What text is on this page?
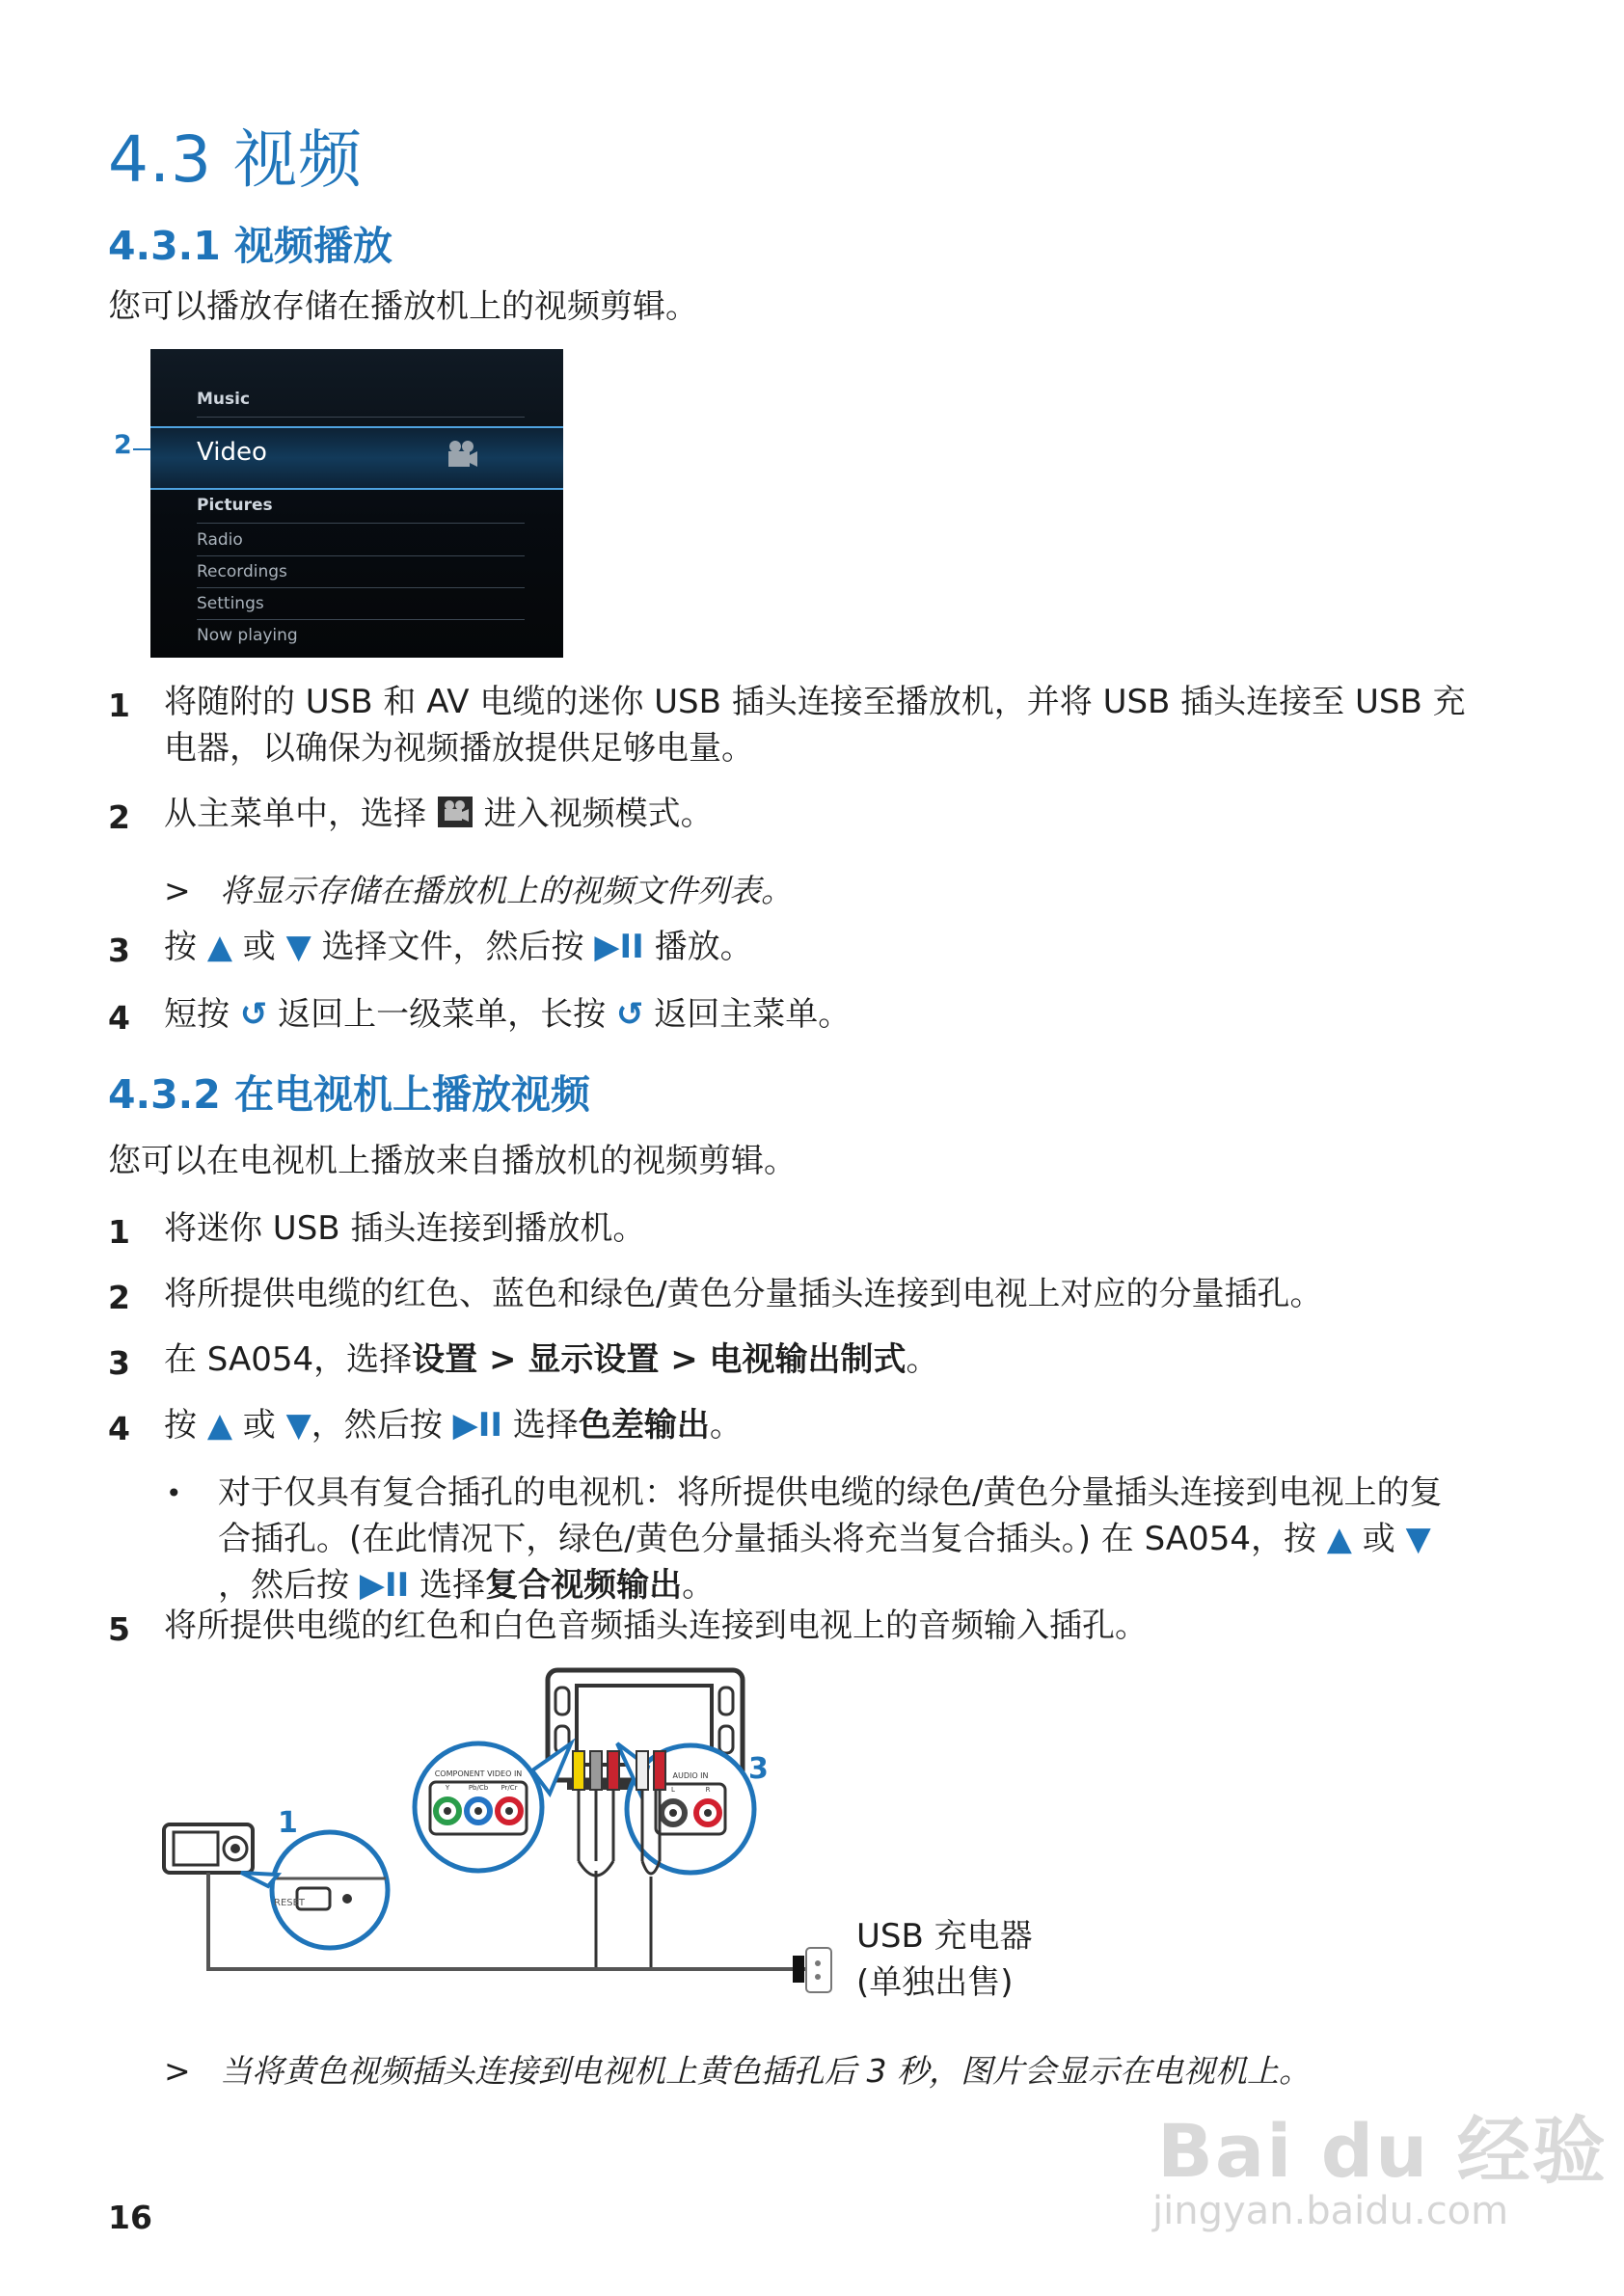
4.3 视频
4.3.1 视频播放
您可以播放存储在播放机上的视频剪辑。
2
Music
Video
Pictures
Radio
Recordings
Settings
Now playing
1 将随附的 USB 和 AV 电缆的迷你 USB 插头连接至播放机，并将 USB 插头连接至 USB 充
电器，以确保为视频播放提供足够电量。
2 从主菜单中，选择 进入视频模式。
> 将显示存储在播放机上的视频文件列表。
3 按 ▲ 或 ▼ 选择文件，然后按 ▶II 播放。
4 短按 ↺ 返回上一级菜单，长按 ↺ 返回主菜单。
4.3.2 在电视机上播放视频
您可以在电视机上播放来自播放机的视频剪辑。
1 将迷你 USB 插头连接到播放机。
2 将所提供电缆的红色、蓝色和绿色/黄色分量插头连接到电视上对应的分量插孔。
3 在 SA054，选择设置 > 显示设置 > 电视输出制式。
4 按 ▲ 或 ▼，然后按 ▶II 选择色差输出。
• 对于仅具有复合插孔的电视机：将所提供电缆的绿色/黄色分量插头连接到电视上的复
合插孔。(在此情况下，绿色/黄色分量插头将充当复合插头。) 在 SA054，按 ▲ 或 ▼
，然后按 ▶II 选择复合视频输出。
5 将所提供电缆的红色和白色音频插头连接到电视上的音频输入插孔。
1
3
RESET
COMPONENT VIDEO IN
Y	Pb/Cb Pr/Cr
AUDIO IN
L	R
USB 充电器
(单独出售)
> 当将黄色视频插头连接到电视机上黄色插孔后 3 秒，图片会显示在电视机上。
16
Bai du 经验
jingyan.baidu.com
